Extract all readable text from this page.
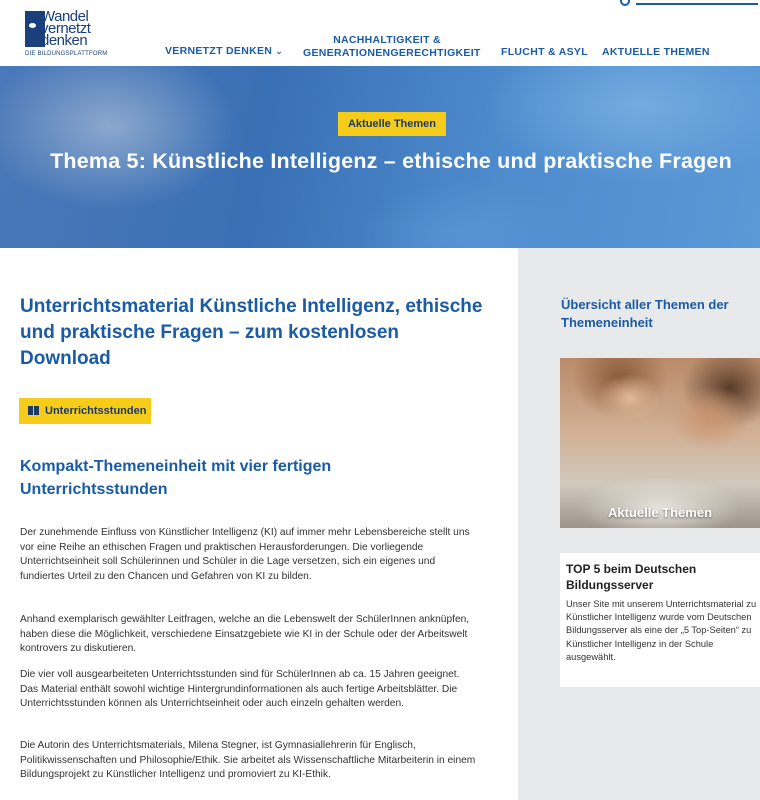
Wandel
vernetzt
denken
DIE BILDUNGSPLATTFORM	VERNETZT DENKEN ⌄
NACHHALTIGKEIT & GENERATIONENGERECHTIGKEIT FLUCHT & ASYL AKTUELLE THEMEN
Aktuelle Themen
Thema 5: Künstliche Intelligenz – ethische und praktische Fragen
Unterrichtsmaterial Künstliche Intelligenz, ethische und praktische Fragen – zum kostenlosen Download
Unterrichtsstunden
Kompakt-Themeneinheit mit vier fertigen Unterrichtsstunden

Der zunehmende Einfluss von Künstlicher Intelligenz (KI) auf immer mehr Lebensbereiche stellt uns vor eine Reihe an ethischen Fragen und praktischen Herausforderungen. Die vorliegende Unterrichtseinheit soll Schülerinnen und Schüler in die Lage versetzen, sich ein eigenes und fundiertes Urteil zu den Chancen und Gefahren von KI zu bilden.

Anhand exemplarisch gewählter Leitfragen, welche an die Lebenswelt der SchülerInnen anknüpfen, haben diese die Möglichkeit, verschiedene Einsatzgebiete wie KI in der Schule oder der Arbeitswelt kontrovers zu diskutieren.

Die vier voll ausgearbeiteten Unterrichtsstunden sind für SchülerInnen ab ca. 15 Jahren geeignet. Das Material enthält sowohl wichtige Hintergrundinformationen als auch fertige Arbeitsblätter. Die Unterrichtsstunden können als Unterrichtseinheit oder auch einzeln gehalten werden.

Die Autorin des Unterrichtsmaterials, Milena Stegner, ist Gymnasiallehrerin für Englisch, Politikwissenschaften und Philosophie/Ethik. Sie arbeitet als Wissenschaftliche Mitarbeiterin in einem Bildungsprojekt zu Künstlicher Intelligenz und promoviert zu KI-Ethik.

Übersicht aller Themen der Themeneinheit
Aktuelle Themen
TOP 5 beim Deutschen Bildungsserver
Unser Site mit unserem Unterrichtsmaterial zu Künstlicher Intelligenz wurde vom Deutschen Bildungsserver als eine der „5 Top-Seiten“ zu Künstlicher Intelligenz in der Schule ausgewählt.
